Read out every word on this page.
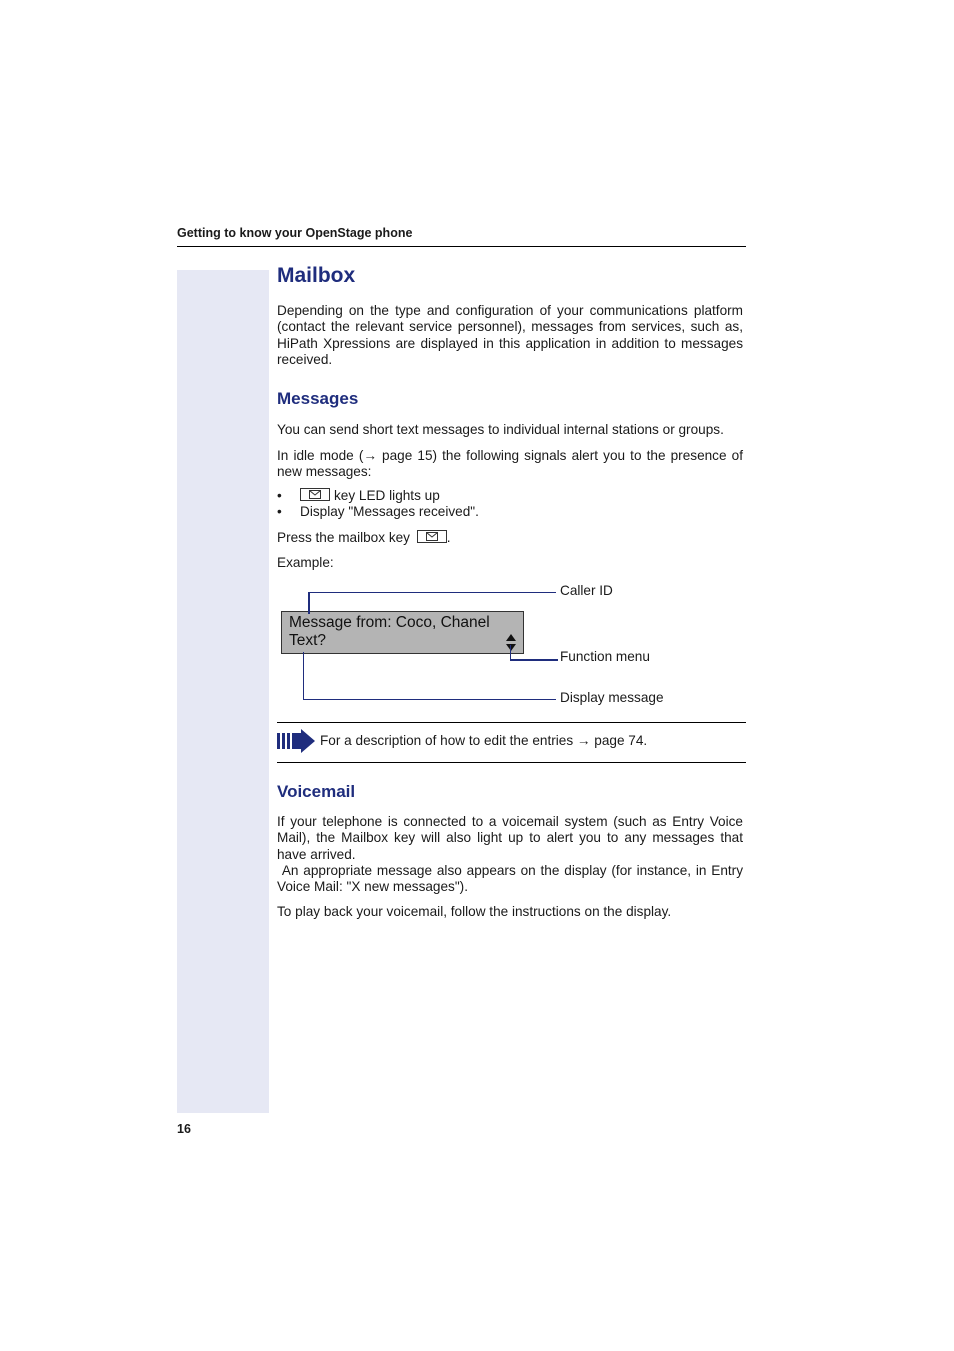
Getting to know your OpenStage phone
16
Mailbox
Depending on the type and configuration of your communications platform (contact the relevant service personnel), messages from services, such as, HiPath Xpressions are displayed in this application in addition to messages received.
Messages
You can send short text messages to individual internal stations or groups.
In idle mode (→ page 15) the following signals alert you to the presence of new messages:
•	key LED lights up
• Display "Messages received".
Press the mailbox key	.
Example:
Message from: Coco, Chanel
Text?
Caller ID
Function menu
Display message
For a description of how to edit the entries → page 74.
Voicemail
If your telephone is connected to a voicemail system (such as Entry Voice Mail), the Mailbox key will also light up to alert you to any messages that have arrived.
An appropriate message also appears on the display (for instance, in Entry Voice Mail: "X new messages").
To play back your voicemail, follow the instructions on the display.
